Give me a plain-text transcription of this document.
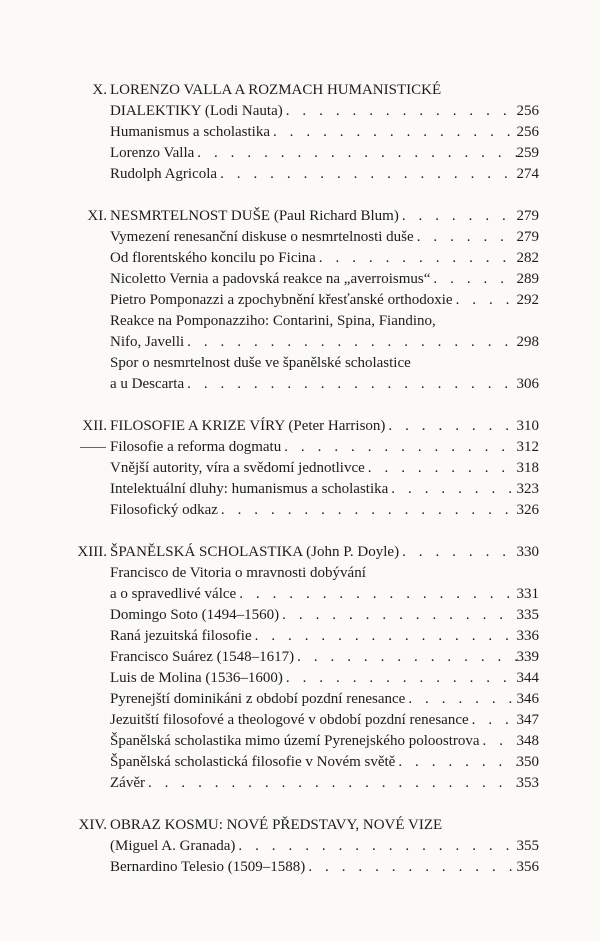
X. LORENZO VALLA A ROZMACH HUMANISTICKÉ
DIALEKTIKY (Lodi Nauta) . . .	256
Humanismus a scholastika . . .	256
Lorenzo Valla . . .	259
Rudolph Agricola . . .	274
XI. NESMRTELNOST DUŠE (Paul Richard Blum) . . .	279
Vymezení renesanční diskuse o nesmrtelnosti duše . . .	279
Od florentského koncilu po Ficina . . .	282
Nicoletto Vernia a padovská reakce na „averroismus“ . . .	289
Pietro Pomponazzi a zpochybnění křesťanské orthodoxie . . .	292
Reakce na Pomponazziho: Contarini, Spina, Fiandino,
Nifo, Javelli . . .	298
Spor o nesmrtelnost duše ve španělské scholastice
a u Descarta . . .	306
XII. FILOSOFIE A KRIZE VÍRY (Peter Harrison) . . .	310
Filosofie a reforma dogmatu . . .	312
Vnější autority, víra a svědomí jednotlivce . . .	318
Intelektuální dluhy: humanismus a scholastika . . .	323
Filosofický odkaz . . .	326
XIII. ŠPANĚLSKÁ SCHOLASTIKA (John P. Doyle) . . .	330
Francisco de Vitoria o mravnosti dobývání
a o spravedlivé válce . . .	331
Domingo Soto (1494–1560) . . .	335
Raná jezuitská filosofie . . .	336
Francisco Suárez (1548–1617) . . .	339
Luis de Molina (1536–1600) . . .	344
Pyrenejští dominikáni z období pozdní renesance . . .	346
Jezuitští filosofové a theologové v období pozdní renesance . . .	347
Španělská scholastika mimo území Pyrenejského poloostrova . . . 348
Španělská scholastická filosofie v Novém světě . . .	350
Závěr . . .	353
XIV. OBRAZ KOSMU: NOVÉ PŘEDSTAVY, NOVÉ VIZE
(Miguel A. Granada) . . .	355
Bernardino Telesio (1509–1588) . . .	356
